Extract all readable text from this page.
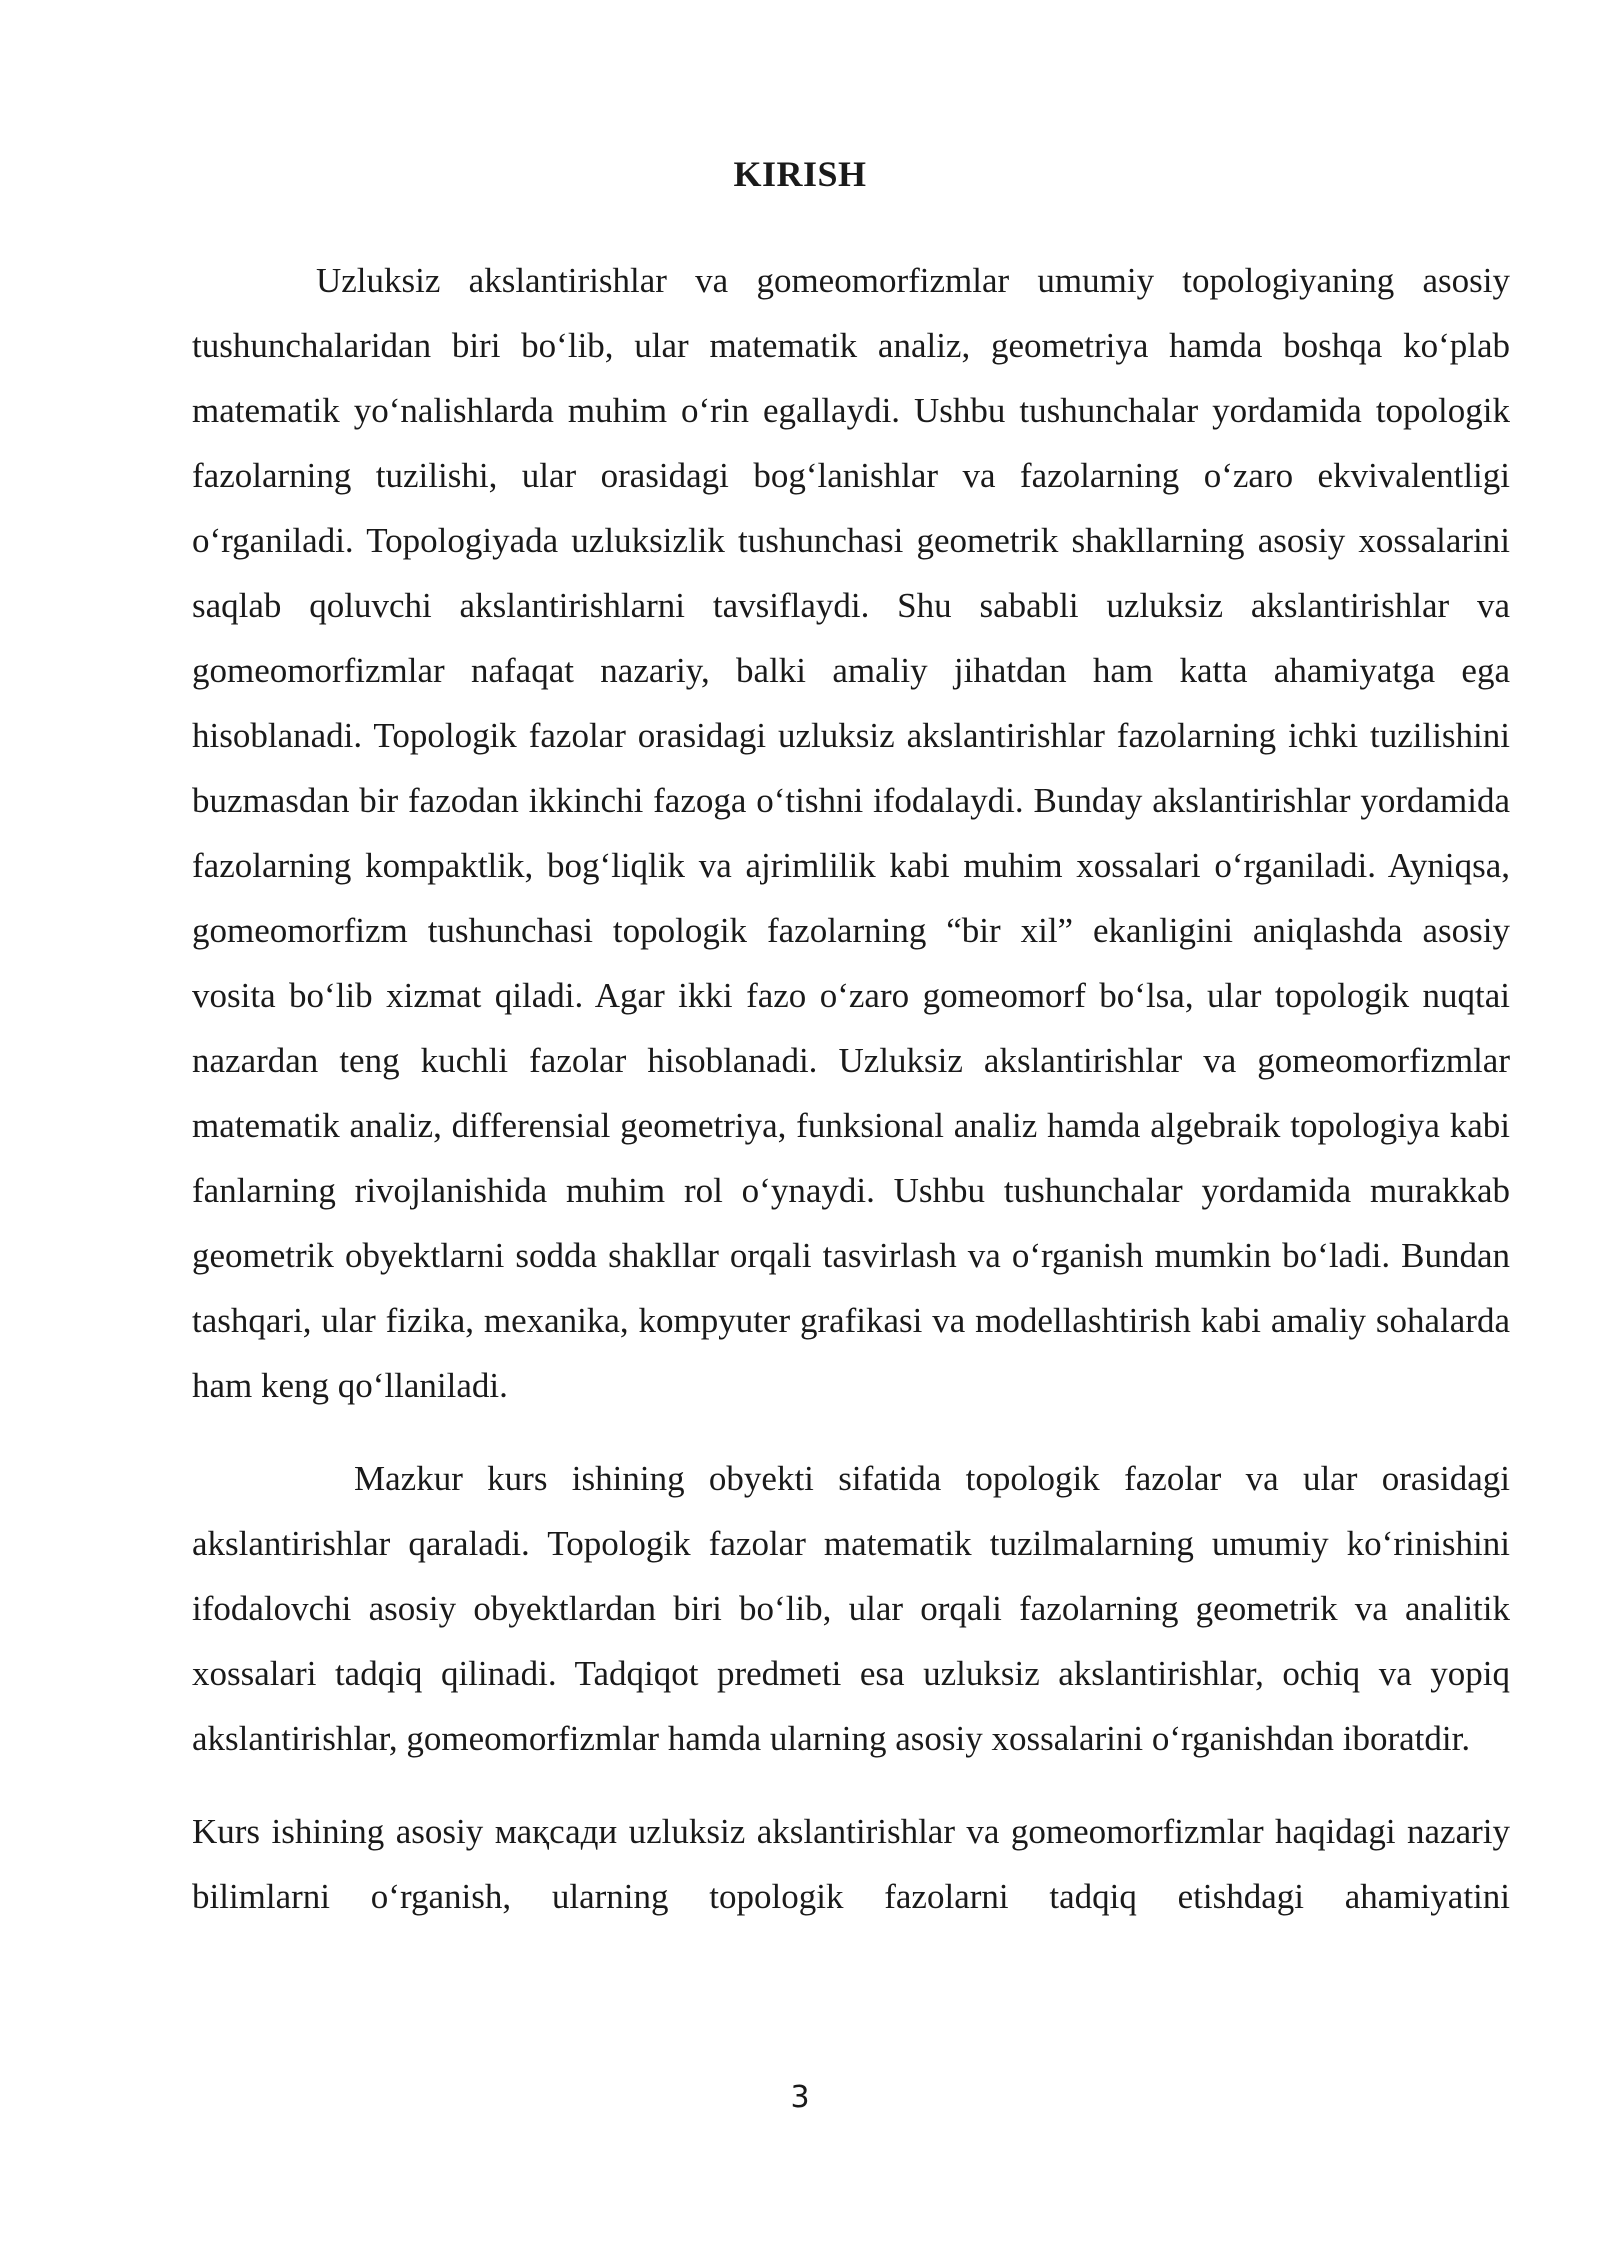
KIRISH

Uzluksiz akslantirishlar va gomeomorfizmlar umumiy topologiyaning asosiy tushunchalaridan biri bo‘lib, ular matematik analiz, geometriya hamda boshqa ko‘plab matematik yo‘nalishlarda muhim o‘rin egallaydi. Ushbu tushunchalar yordamida topologik fazolarning tuzilishi, ular orasidagi bog‘lanishlar va fazolarning o‘zaro ekvivalentligi o‘rganiladi. Topologiyada uzluksizlik tushunchasi geometrik shakllarning asosiy xossalarini saqlab qoluvchi akslantirishlarni tavsiflaydi. Shu sababli uzluksiz akslantirishlar va gomeomorfizmlar nafaqat nazariy, balki amaliy jihatdan ham katta ahamiyatga ega hisoblanadi. Topologik fazolar orasidagi uzluksiz akslantirishlar fazolarning ichki tuzilishini buzmasdan bir fazodan ikkinchi fazoga o‘tishni ifodalaydi. Bunday akslantirishlar yordamida fazolarning kompaktlik, bog‘liqlik va ajrimlilik kabi muhim xossalari o‘rganiladi. Ayniqsa, gomeomorfizm tushunchasi topologik fazolarning “bir xil” ekanligini aniqlashda asosiy vosita bo‘lib xizmat qiladi. Agar ikki fazo o‘zaro gomeomorf bo‘lsa, ular topologik nuqtai nazardan teng kuchli fazolar hisoblanadi. Uzluksiz akslantirishlar va gomeomorfizmlar matematik analiz, differensial geometriya, funksional analiz hamda algebraik topologiya kabi fanlarning rivojlanishida muhim rol o‘ynaydi. Ushbu tushunchalar yordamida murakkab geometrik obyektlarni sodda shakllar orqali tasvirlash va o‘rganish mumkin bo‘ladi. Bundan tashqari, ular fizika, mexanika, kompyuter grafikasi va modellashtirish kabi amaliy sohalarda ham keng qo‘llaniladi.

Mazkur kurs ishining obyekti sifatida topologik fazolar va ular orasidagi akslantirishlar qaraladi. Topologik fazolar matematik tuzilmalarning umumiy ko‘rinishini ifodalovchi asosiy obyektlardan biri bo‘lib, ular orqali fazolarning geometrik va analitik xossalari tadqiq qilinadi. Tadqiqot predmeti esa uzluksiz akslantirishlar, ochiq va yopiq akslantirishlar, gomeomorfizmlar hamda ularning asosiy xossalarini o‘rganishdan iboratdir.

Kurs ishining asosiy мақсади uzluksiz akslantirishlar va gomeomorfizmlar haqidagi nazariy bilimlarni o‘rganish, ularning topologik fazolarni tadqiq etishdagi ahamiyatini

3
